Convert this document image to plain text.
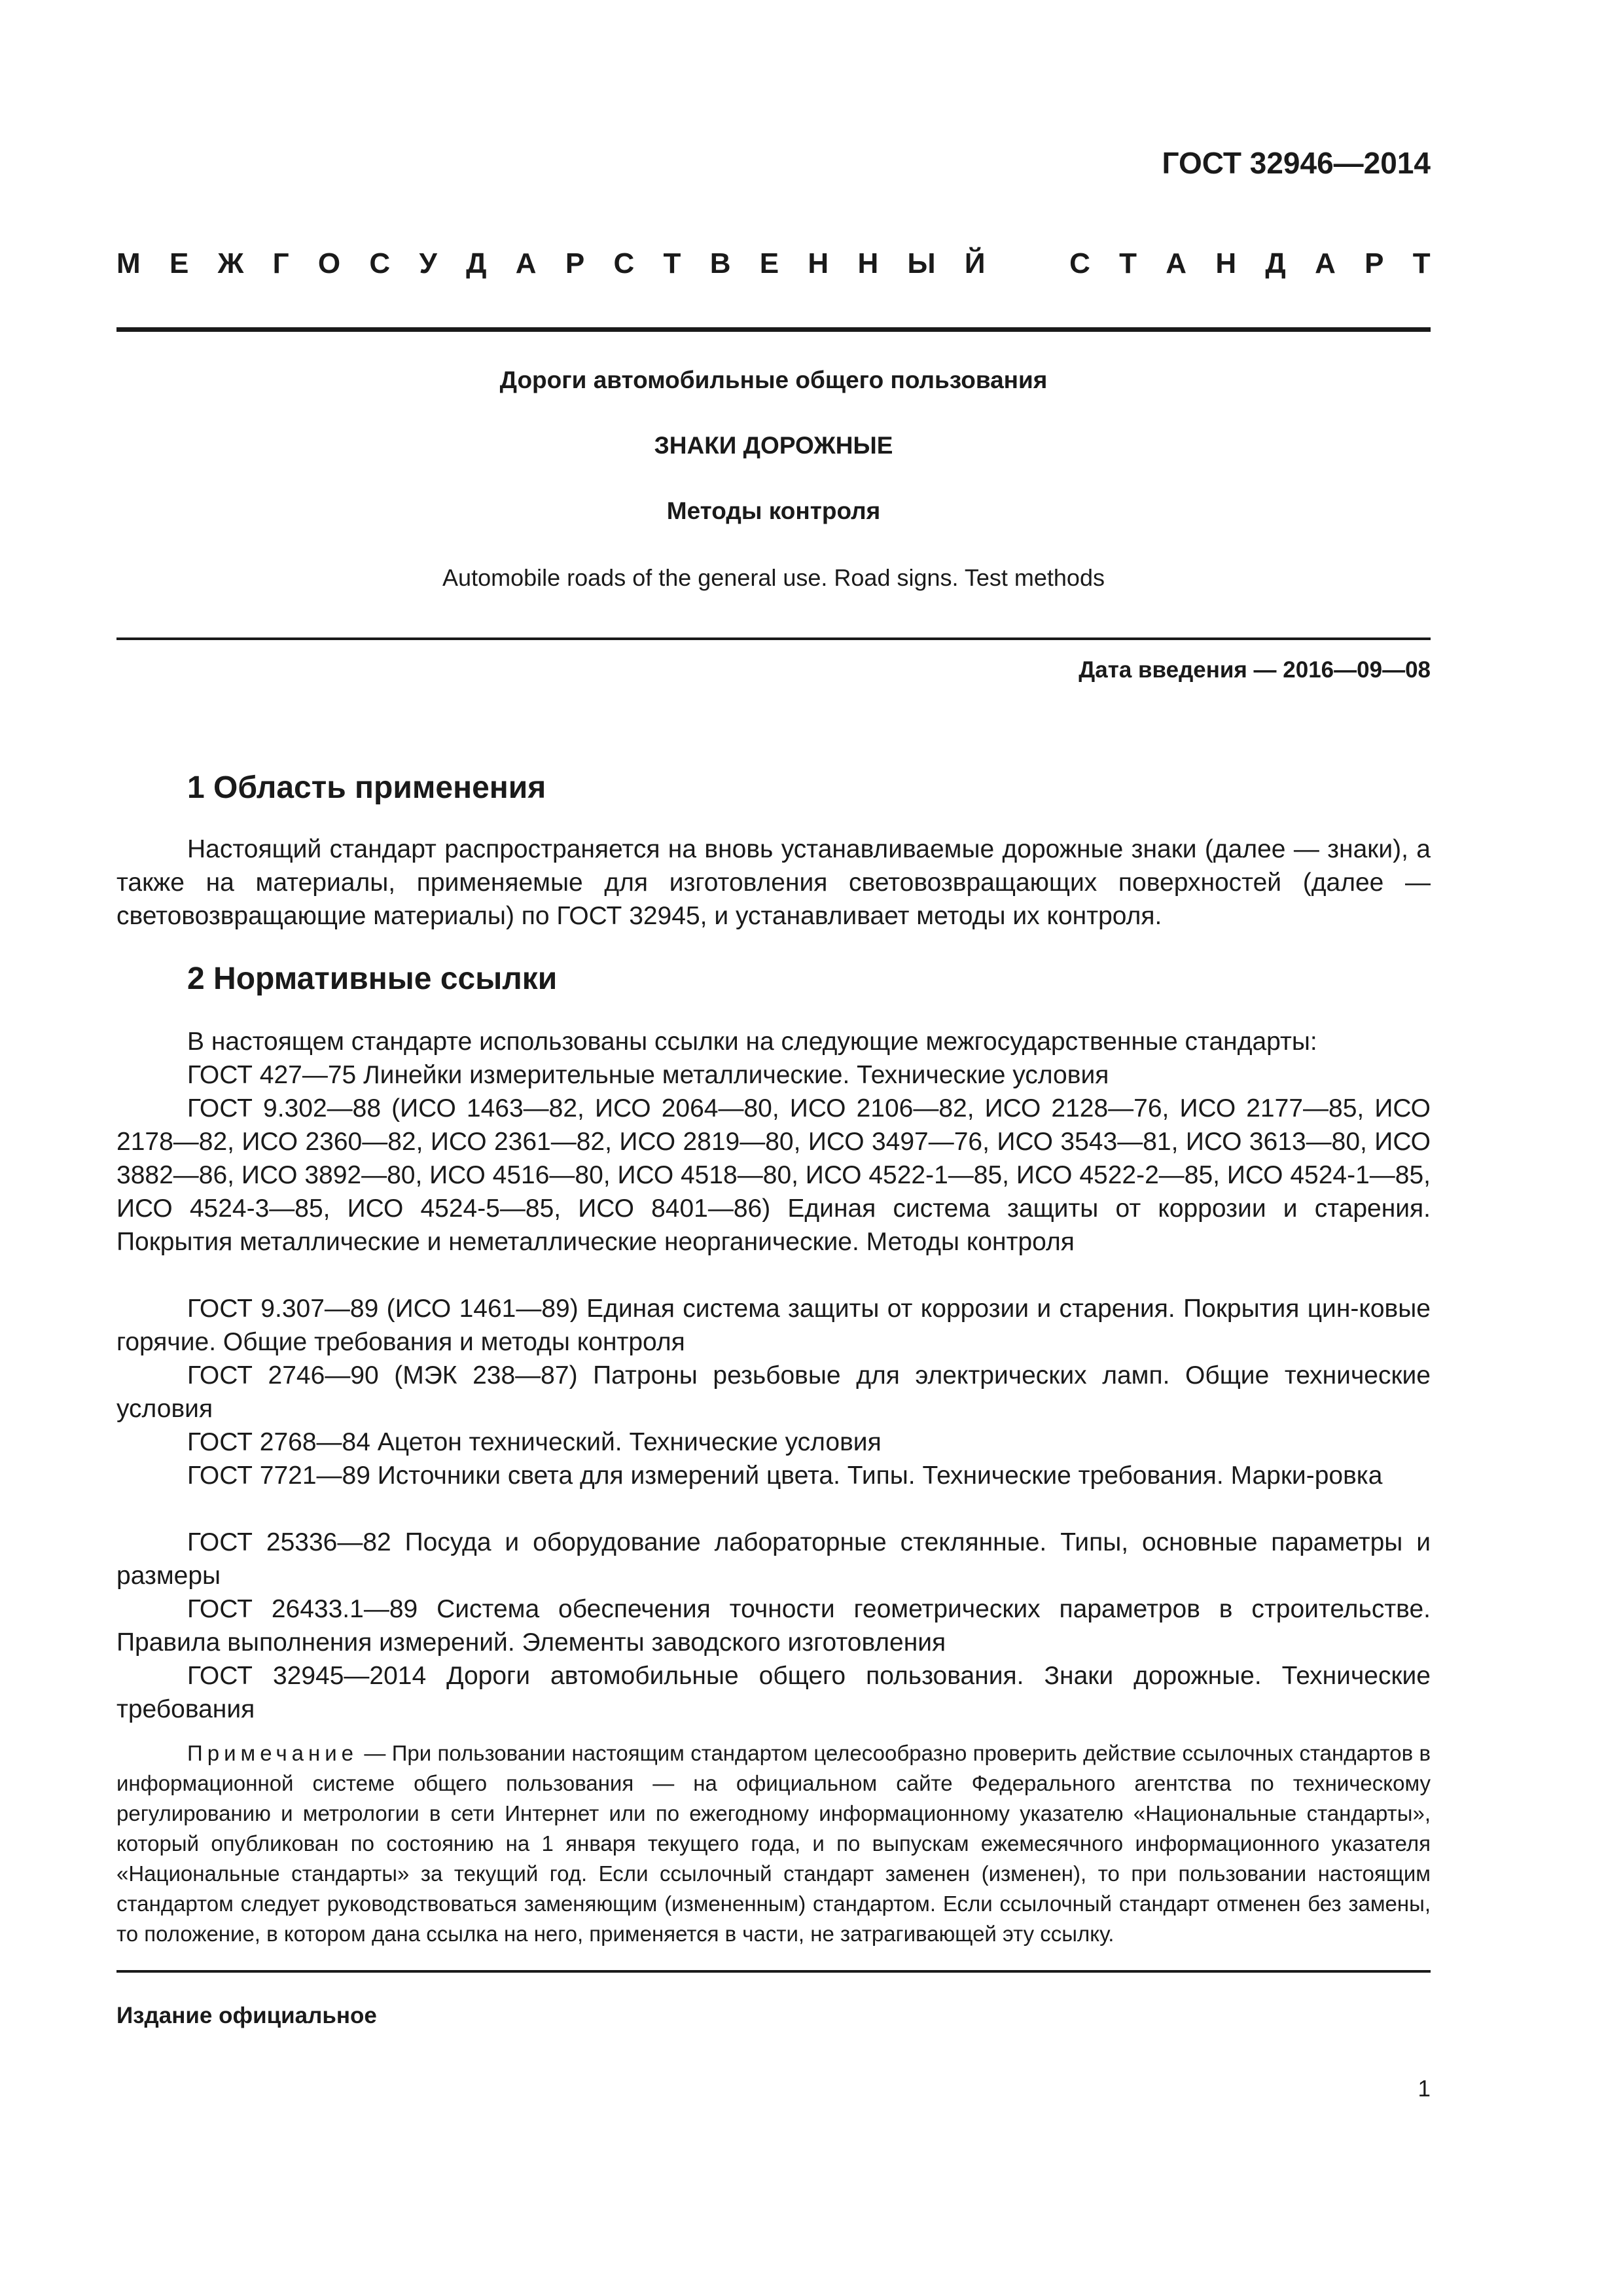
ГОСТ 32946—2014
М Е Ж Г О С У Д А Р С Т В Е Н Н Ы Й	С Т А Н Д А Р Т
Дороги автомобильные общего пользования
ЗНАКИ ДОРОЖНЫЕ
Методы контроля
Automobile roads of the general use. Road signs. Test methods
Дата введения — 2016—09—08
1 Область применения
Настоящий стандарт распространяется на вновь устанавливаемые дорожные знаки (далее — знаки), а также на материалы, применяемые для изготовления световозвращающих поверхностей (далее — световозвращающие материалы) по ГОСТ 32945, и устанавливает методы их контроля.
2 Нормативные ссылки
В настоящем стандарте использованы ссылки на следующие межгосударственные стандарты:
ГОСТ 427—75 Линейки измерительные металлические. Технические условия
ГОСТ 9.302—88 (ИСО 1463—82, ИСО 2064—80, ИСО 2106—82, ИСО 2128—76, ИСО 2177—85, ИСО 2178—82, ИСО 2360—82, ИСО 2361—82, ИСО 2819—80, ИСО 3497—76, ИСО 3543—81, ИСО 3613—80, ИСО 3882—86, ИСО 3892—80, ИСО 4516—80, ИСО 4518—80, ИСО 4522-1—85, ИСО 4522-2—85, ИСО 4524-1—85, ИСО 4524-3—85, ИСО 4524-5—85, ИСО 8401—86) Единая система защиты от коррозии и старения. Покрытия металлические и неметаллические неорганические. Методы контроля
ГОСТ 9.307—89 (ИСО 1461—89) Единая система защиты от коррозии и старения. Покрытия цин-ковые горячие. Общие требования и методы контроля
ГОСТ 2746—90 (МЭК 238—87) Патроны резьбовые для электрических ламп. Общие технические условия
ГОСТ 2768—84 Ацетон технический. Технические условия
ГОСТ 7721—89 Источники света для измерений цвета. Типы. Технические требования. Марки-ровка
ГОСТ 25336—82 Посуда и оборудование лабораторные стеклянные. Типы, основные параметры и размеры
ГОСТ 26433.1—89 Система обеспечения точности геометрических параметров в строительстве. Правила выполнения измерений. Элементы заводского изготовления
ГОСТ 32945—2014 Дороги автомобильные общего пользования. Знаки дорожные. Технические требования
Примечание — При пользовании настоящим стандартом целесообразно проверить действие ссылочных стандартов в информационной системе общего пользования — на официальном сайте Федерального агентства по техническому регулированию и метрологии в сети Интернет или по ежегодному информационному указателю «Национальные стандарты», который опубликован по состоянию на 1 января текущего года, и по выпускам ежемесячного информационного указателя «Национальные стандарты» за текущий год. Если ссылочный стандарт заменен (изменен), то при пользовании настоящим стандартом следует руководствоваться заменяющим (измененным) стандартом. Если ссылочный стандарт отменен без замены, то положение, в котором дана ссылка на него, применяется в части, не затрагивающей эту ссылку.
Издание официальное
1
